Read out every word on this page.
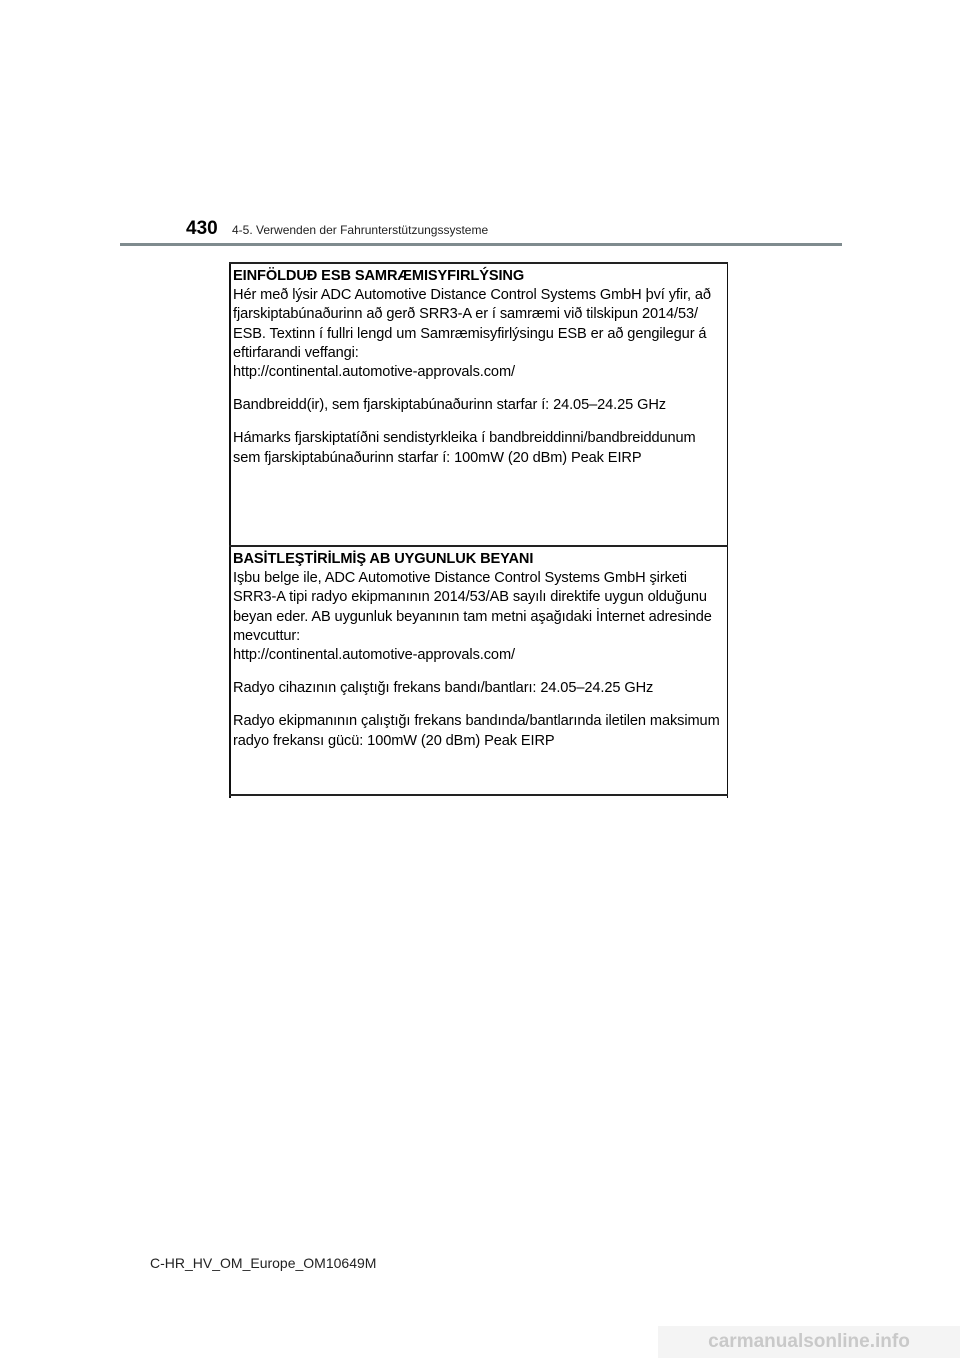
430 4-5. Verwenden der Fahrunterstützungssysteme
EINFÖLDUÐ ESB SAMRÆMISYFIRLÝSING

Hér með lýsir ADC Automotive Distance Control Systems GmbH því yfir, að fjarskiptabúnaðurinn að gerð SRR3-A er í samræmi við tilskipun 2014/53/ ESB. Textinn í fullri lengd um Samræmisyfirlýsingu ESB er að gengilegur á eftirfarandi veffangi:

http://continental.automotive-approvals.com/

Bandbreidd(ir), sem fjarskiptabúnaðurinn starfar í: 24.05–24.25 GHz

Hámarks fjarskiptatíðni sendistyrkleika í bandbreiddinni/bandbreiddunum sem fjarskiptabúnaðurinn starfar í: 100mW (20 dBm) Peak EIRP

BASİTLEŞTİRİLMİŞ AB UYGUNLUK BEYANI

Işbu belge ile, ADC Automotive Distance Control Systems GmbH şirketi SRR3-A tipi radyo ekipmanının 2014/53/AB sayılı direktife uygun olduğunu beyan eder. AB uygunluk beyanının tam metni aşağıdaki İnternet adresinde mevcuttur:

http://continental.automotive-approvals.com/

Radyo cihazının çalıştığı frekans bandı/bantları: 24.05–24.25 GHz

Radyo ekipmanının çalıştığı frekans bandında/bantlarında iletilen maksimum radyo frekansı gücü: 100mW (20 dBm) Peak EIRP

C-HR_HV_OM_Europe_OM10649M
carmanualsonline.info
